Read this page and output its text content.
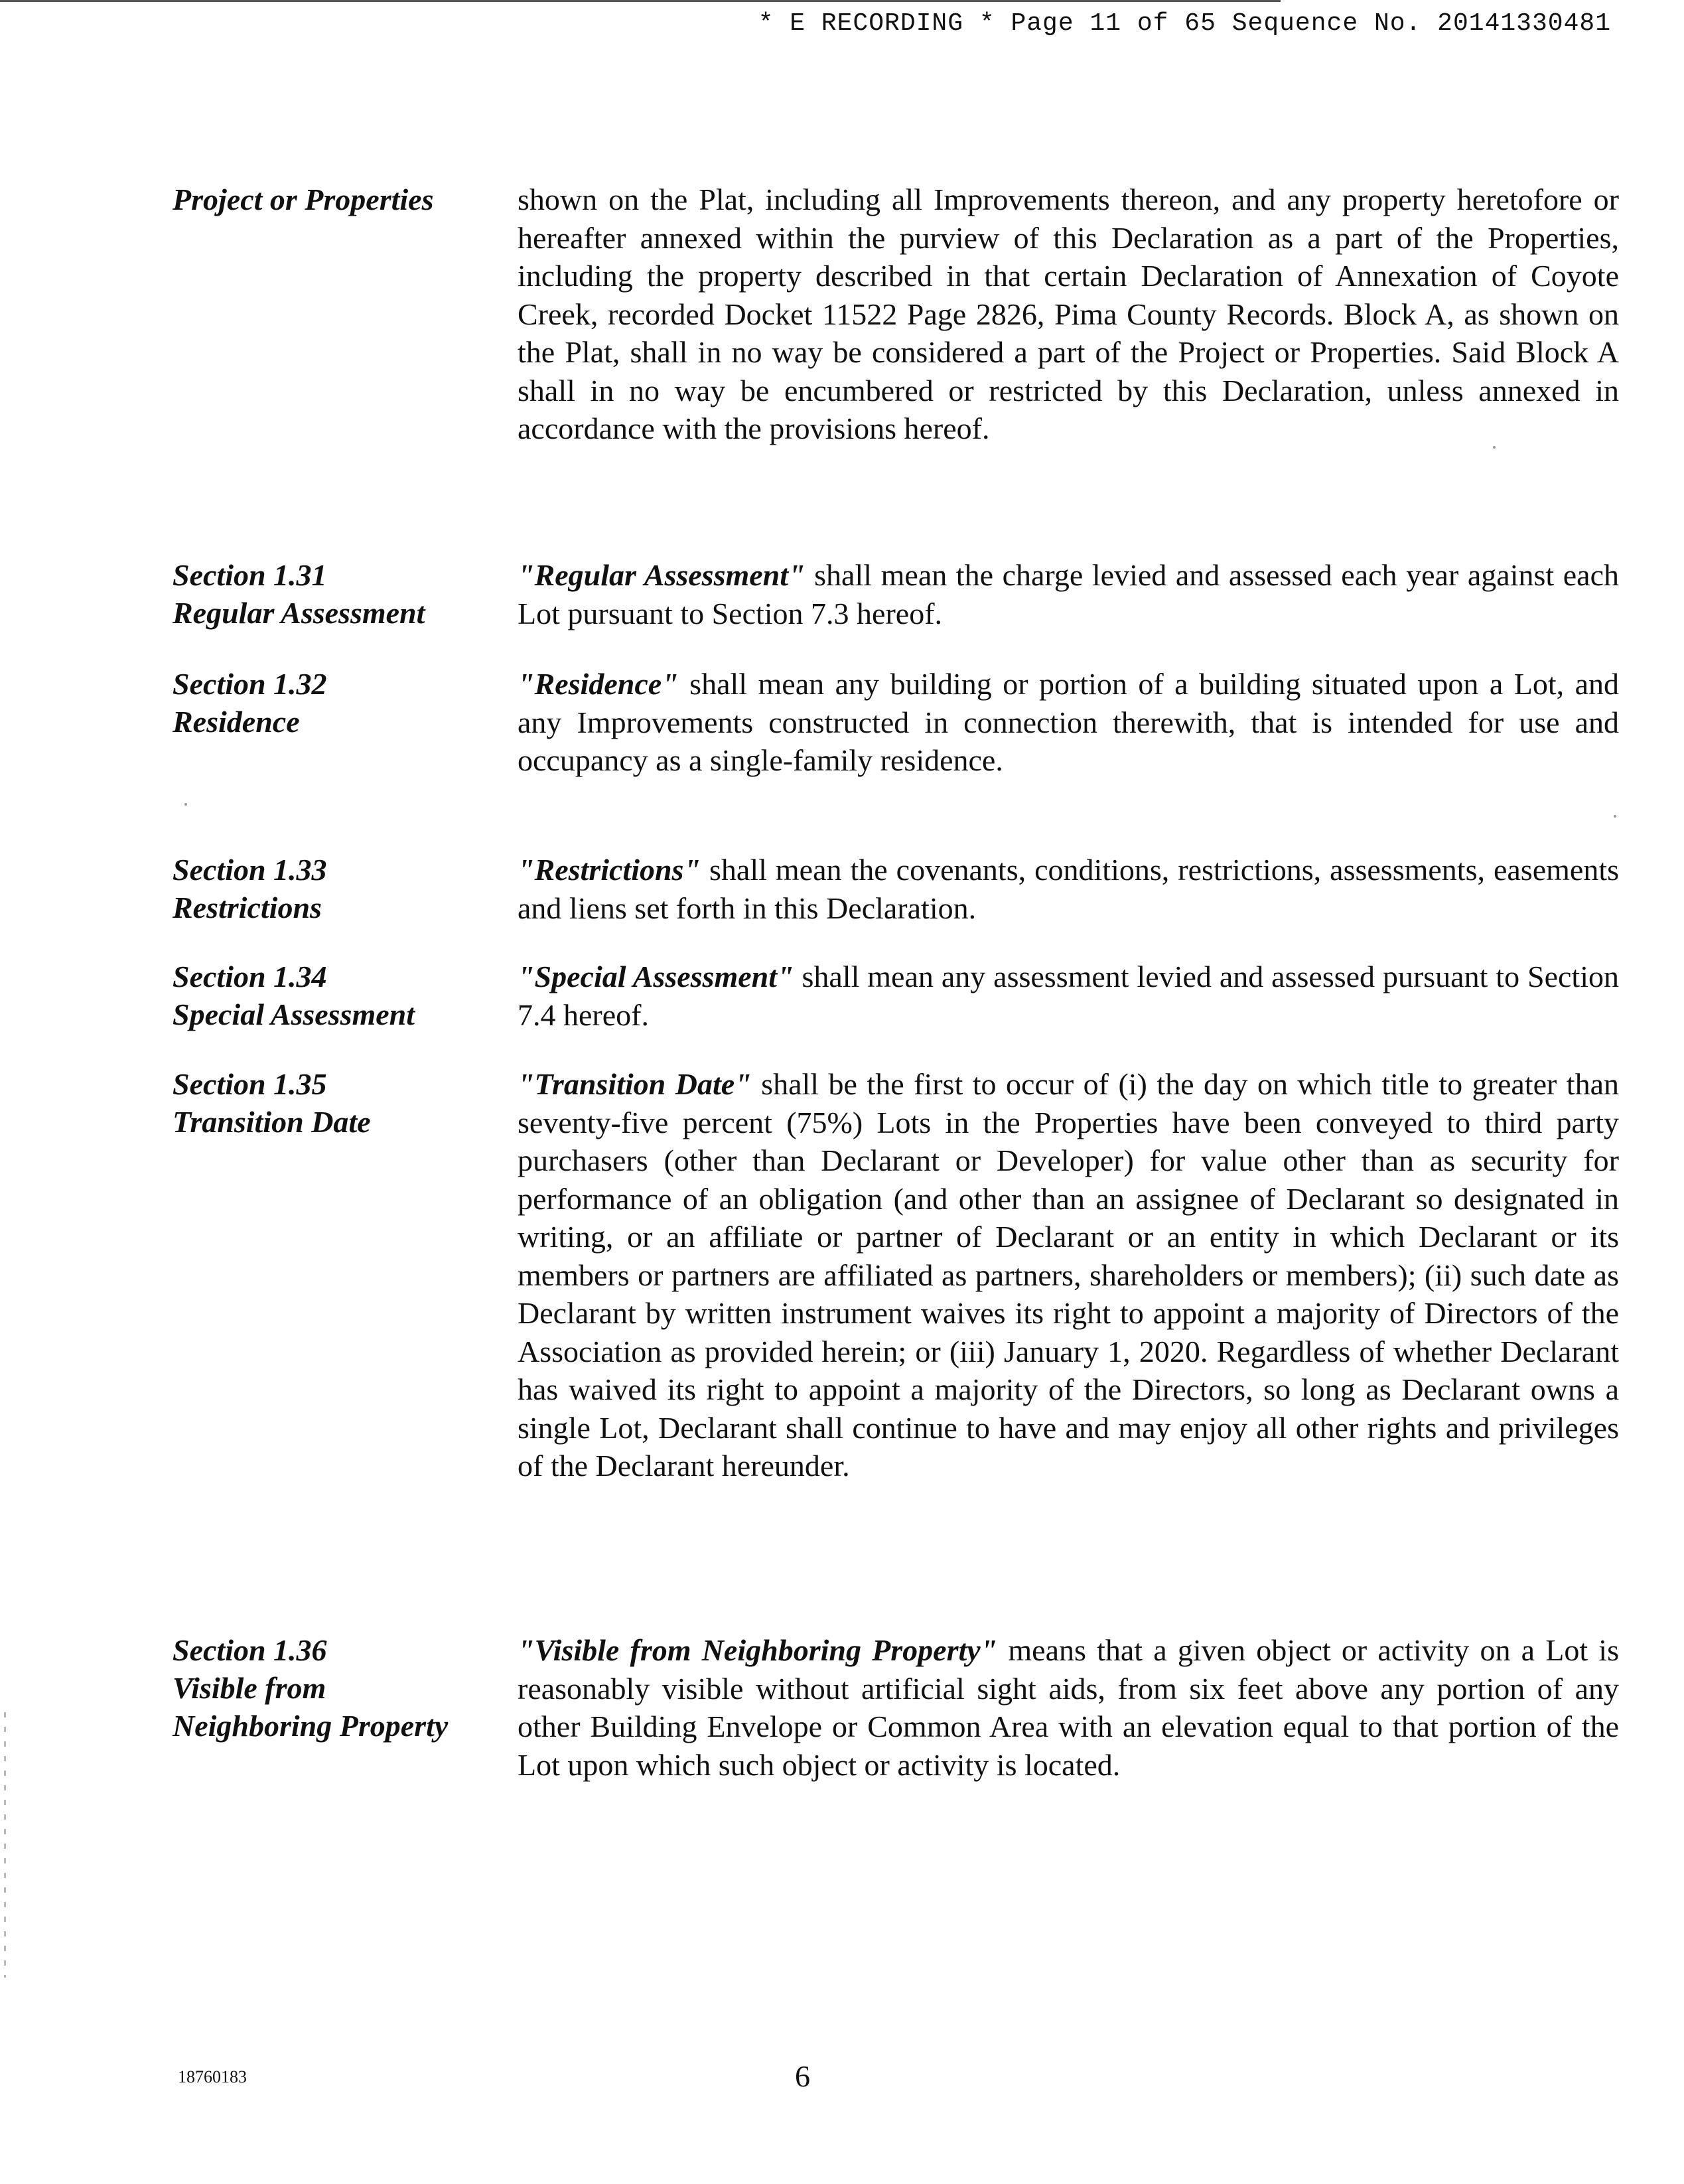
* E RECORDING * Page 11 of 65 Sequence No. 20141330481
Project or Properties	shown on the Plat, including all Improvements thereon, and any property heretofore or hereafter annexed within the purview of this Declaration as a part of the Properties, including the property described in that certain Declaration of Annexation of Coyote Creek, recorded Docket 11522 Page 2826, Pima County Records. Block A, as shown on the Plat, shall in no way be considered a part of the Project or Properties. Said Block A shall in no way be encumbered or restricted by this Declaration, unless annexed in accordance with the provisions hereof.
Section 1.31
Regular Assessment
"Regular Assessment" shall mean the charge levied and assessed each year against each Lot pursuant to Section 7.3 hereof.
Section 1.32
Residence
"Residence" shall mean any building or portion of a building situated upon a Lot, and any Improvements constructed in connection therewith, that is intended for use and occupancy as a single-family residence.
Section 1.33
Restrictions
"Restrictions" shall mean the covenants, conditions, restrictions, assessments, easements and liens set forth in this Declaration.
Section 1.34
Special Assessment
"Special Assessment" shall mean any assessment levied and assessed pursuant to Section 7.4 hereof.
Section 1.35
Transition Date
"Transition Date" shall be the first to occur of (i) the day on which title to greater than seventy-five percent (75%) Lots in the Properties have been conveyed to third party purchasers (other than Declarant or Developer) for value other than as security for performance of an obligation (and other than an assignee of Declarant so designated in writing, or an affiliate or partner of Declarant or an entity in which Declarant or its members or partners are affiliated as partners, shareholders or members); (ii) such date as Declarant by written instrument waives its right to appoint a majority of Directors of the Association as provided herein; or (iii) January 1, 2020. Regardless of whether Declarant has waived its right to appoint a majority of the Directors, so long as Declarant owns a single Lot, Declarant shall continue to have and may enjoy all other rights and privileges of the Declarant hereunder.
Section 1.36
Visible from
Neighboring Property
"Visible from Neighboring Property" means that a given object or activity on a Lot is reasonably visible without artificial sight aids, from six feet above any portion of any other Building Envelope or Common Area with an elevation equal to that portion of the Lot upon which such object or activity is located.
18760183	6
